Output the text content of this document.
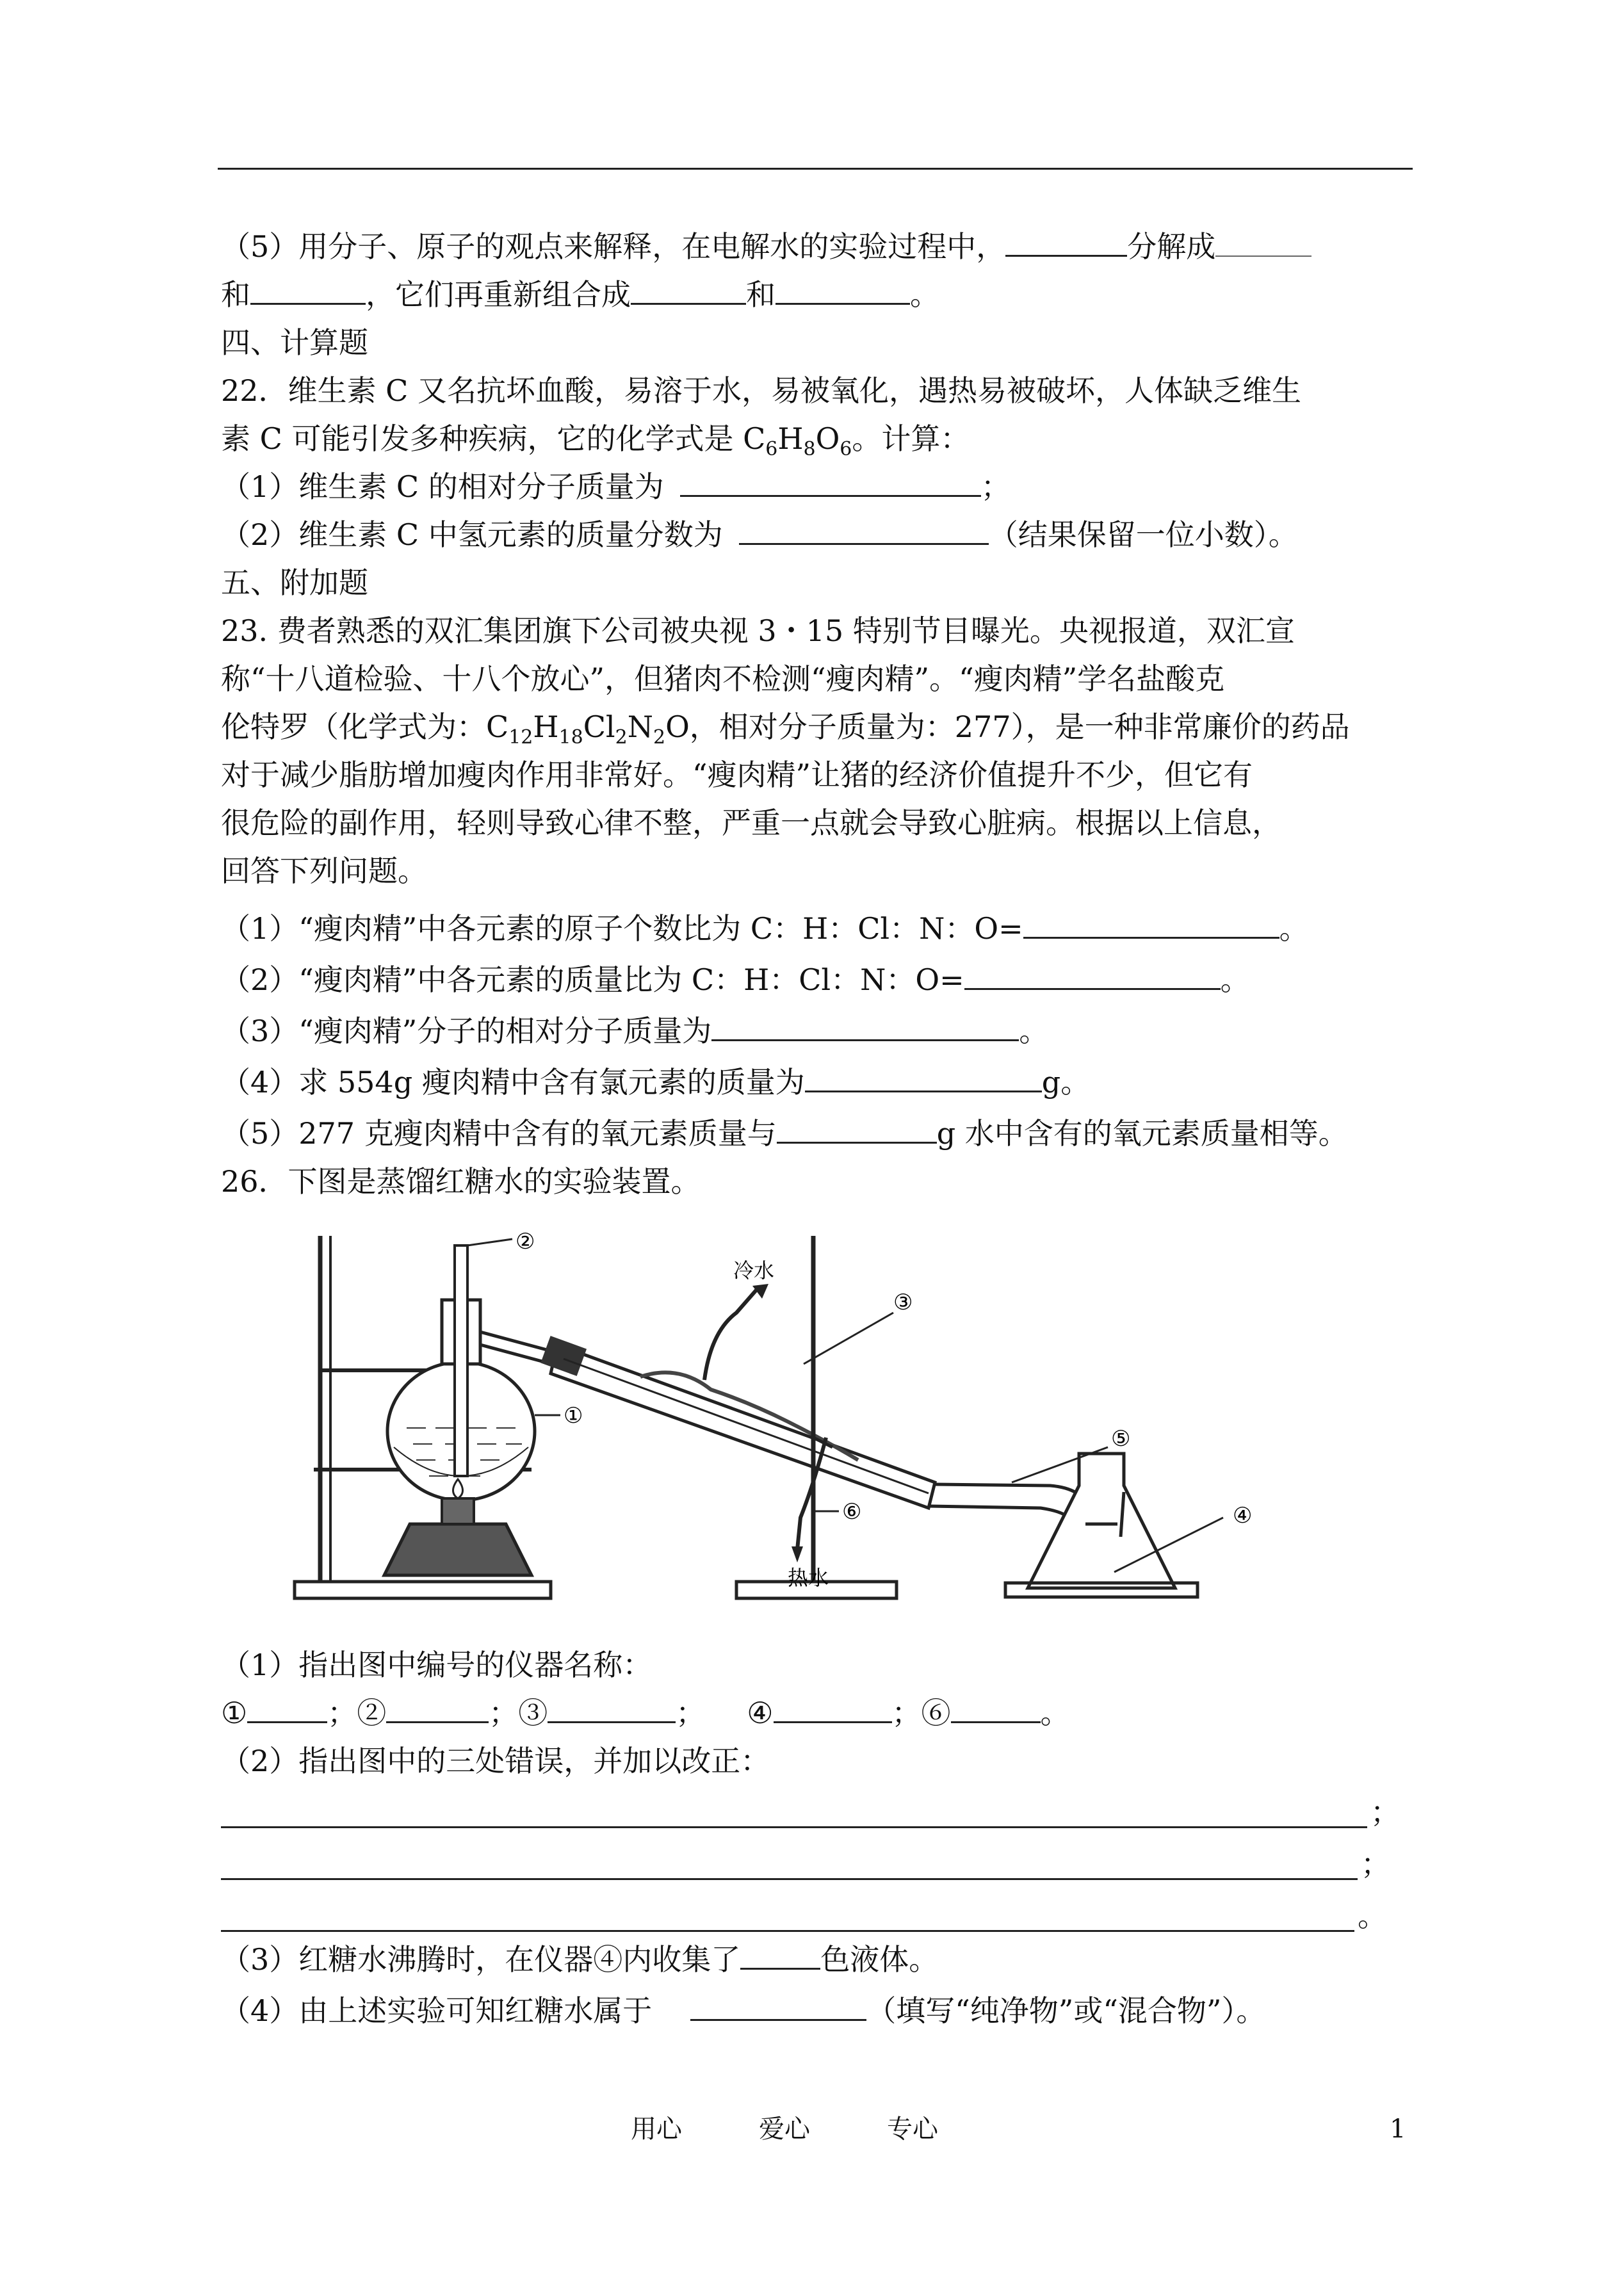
（5）用分子、原子的观点来解释，在电解水的实验过程中，	分解成
和	，它们再重新组合成	和	。
四、计算题
22．维生素 C 又名抗坏血酸，易溶于水，易被氧化，遇热易被破坏，人体缺乏维生
素 C 可能引发多种疾病，它的化学式是 $C_6H_8O_6$。计算：
（1）维生素 C 的相对分子质量为	；
（2）维生素 C 中氢元素的质量分数为	（结果保留一位小数）。
五、附加题
23. 费者熟悉的双汇集团旗下公司被央视 3・15 特别节目曝光。央视报道，双汇宣
称“十八道检验、十八个放心”，但猪肉不检测“瘦肉精”。“瘦肉精”学名盐酸克
伦特罗（化学式为：$C_{12}H_{18}Cl_2N_2O$，相对分子质量为：277），是一种非常廉价的药品
对于减少脂肪增加瘦肉作用非常好。“瘦肉精”让猪的经济价值提升不少，但它有
很危险的副作用，轻则导致心律不整，严重一点就会导致心脏病。根据以上信息，
回答下列问题。
（1）“瘦肉精”中各元素的原子个数比为 C：H：Cl：N：O=	。
（2）“瘦肉精”中各元素的质量比为 C：H：Cl：N：O=	。
（3）“瘦肉精”分子的相对分子质量为	。
（4）求 554g 瘦肉精中含有氯元素的质量为	g。
（5）277 克瘦肉精中含有的氧元素质量与	g 水中含有的氧元素质量相等。
26．下图是蒸馏红糖水的实验装置。
①
②
③
④
⑤
⑥
冷水
热水
（1）指出图中编号的仪器名称：
①	；②	；③	； ④	；⑥	。
（2）指出图中的三处错误，并加以改正：
；
；
。
（3）红糖水沸腾时，在仪器④内收集了	色液体。
（4）由上述实验可知红糖水属于	（填写“纯净物”或“混合物”）。
用心	爱心	专心	1
